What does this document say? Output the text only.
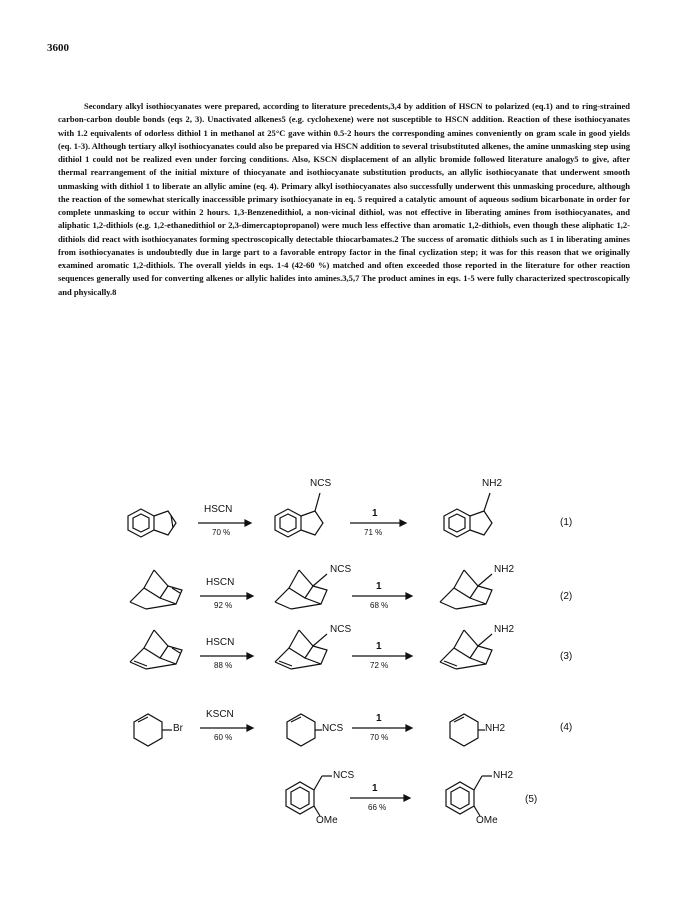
3600

Secondary alkyl isothiocyanates were prepared, according to literature precedents,3,4 by addition of HSCN to polarized (eq.1) and to ring-strained carbon-carbon double bonds (eqs 2, 3). Unactivated alkenes5 (e.g. cyclohexene) were not susceptible to HSCN addition. Reaction of these isothiocyanates with 1.2 equivalents of odorless dithiol 1 in methanol at 25°C gave within 0.5-2 hours the corresponding amines conveniently on gram scale in good yields (eq. 1-3). Although tertiary alkyl isothiocyanates could also be prepared via HSCN addition to several trisubstituted alkenes, the amine unmasking step using dithiol 1 could not be realized even under forcing conditions. Also, KSCN displacement of an allylic bromide followed literature analogy5 to give, after thermal rearrangement of the initial mixture of thiocyanate and isothiocyanate substitution products, an allylic isothiocyanate that underwent smooth unmasking with dithiol 1 to liberate an allylic amine (eq. 4). Primary alkyl isothiocyanates also successfully underwent this unmasking procedure, although the reaction of the somewhat sterically inaccessible primary isothiocyanate in eq. 5 required a catalytic amount of aqueous sodium bicarbonate in order for complete unmasking to occur within 2 hours. 1,3-Benzenedithiol, a non-vicinal dithiol, was not effective in liberating amines from isothiocyanates, and aliphatic 1,2-dithiols (e.g. 1,2-ethanedithiol or 2,3-dimercaptopropanol) were much less effective than aromatic 1,2-dithiols, even though these aliphatic 1,2-dithiols did react with isothiocyanates forming spectroscopically detectable thiocarbamates.2 The success of aromatic dithiols such as 1 in liberating amines from isothiocyanates is undoubtedly due in large part to a favorable entropy factor in the final cyclization step; it was for this reason that we originally examined aromatic 1,2-dithiols. The overall yields in eqs. 1-4 (42-60 %) matched and often exceeded those reported in the literature for other reaction sequences generally used for converting alkenes or allylic halides into amines.3,5,7 The product amines in eqs. 1-5 were fully characterized spectroscopically and physically.8

HSCN
70 %
NCS
1
71 %
NH2
(1)
HSCN
92 %
NCS
1
68 %
NH2
(2)
HSCN
88 %
NCS
1
72 %
NH2
(3)
Br
KSCN
60 %
NCS
1
70 %
NH2	(4)
NCS
OMe
1
66 %
NH2
OMe
(5)
